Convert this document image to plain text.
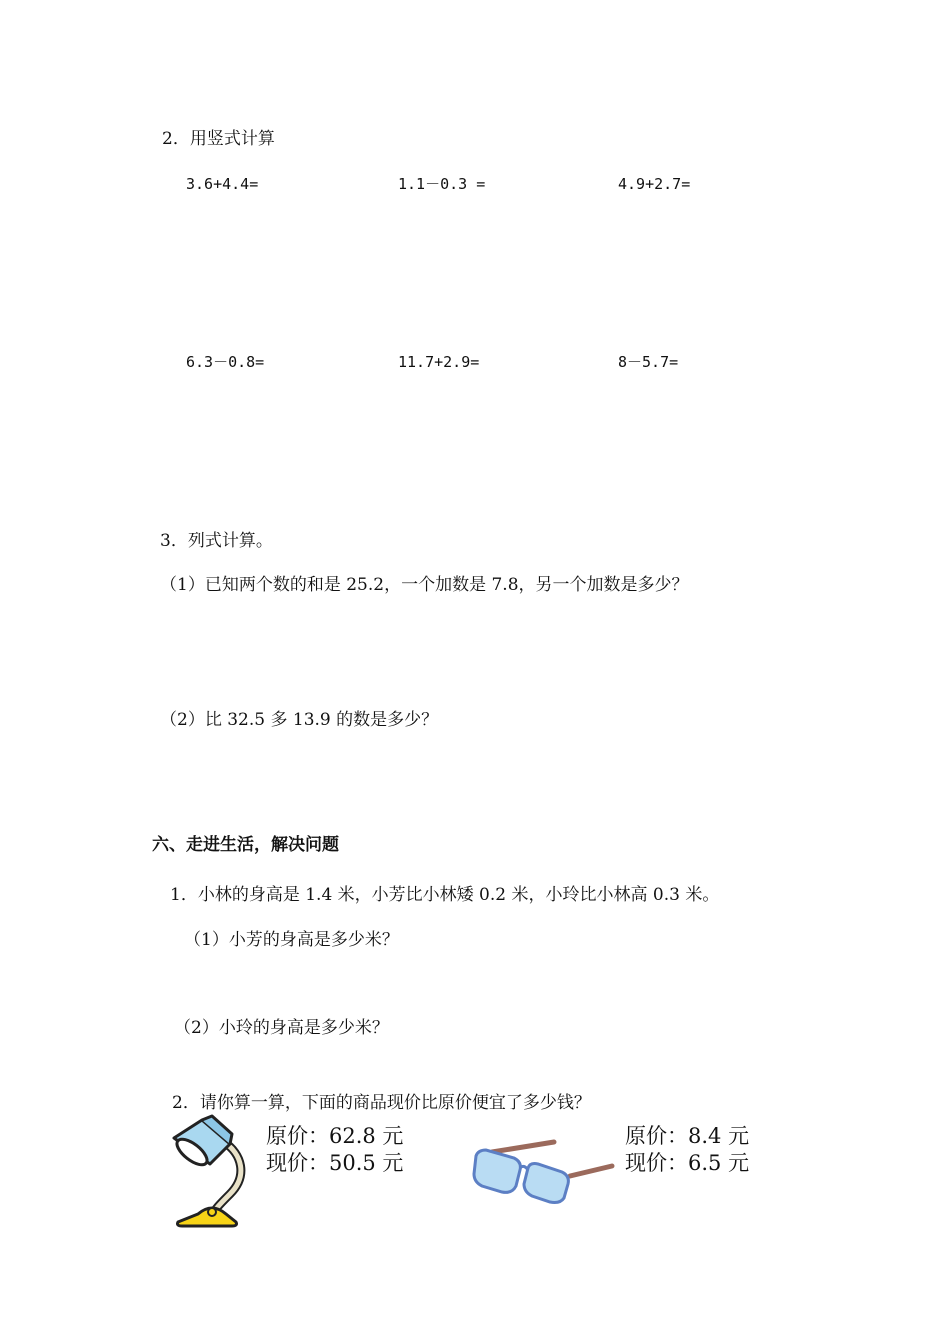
2．用竖式计算
3.6+4.4=	1.1－0.3 =	4.9+2.7=
6.3－0.8=	11.7+2.9=	8－5.7=
3．列式计算。
（1）已知两个数的和是 25.2，一个加数是 7.8，另一个加数是多少？
（2）比 32.5 多 13.9 的数是多少？
六、走进生活，解决问题
1．小林的身高是 1.4 米，小芳比小林矮 0.2 米，小玲比小林高 0.3 米。
（1）小芳的身高是多少米？
（2）小玲的身高是多少米？
2．请你算一算，下面的商品现价比原价便宜了多少钱？
原价：62.8 元
现价：50.5 元
原价：8.4 元
现价：6.5 元
